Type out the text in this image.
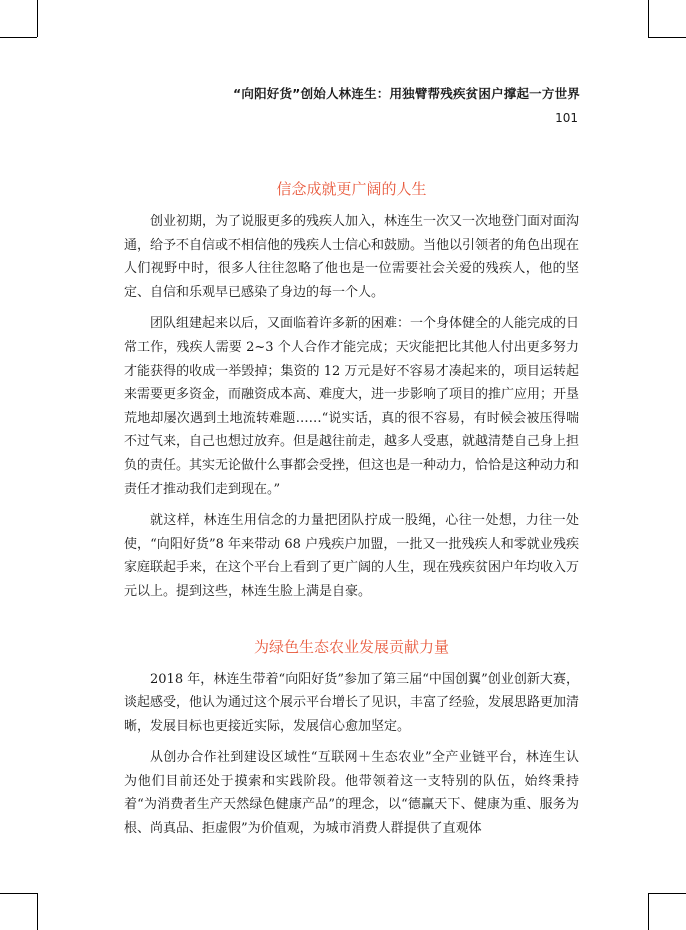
“向阳好货”创始人林连生：用独臂帮残疾贫困户撑起一方世界
101
信念成就更广阔的人生

创业初期，为了说服更多的残疾人加入，林连生一次又一次地登门面对面沟通，给予不自信或不相信他的残疾人士信心和鼓励。当他以引领者的角色出现在人们视野中时，很多人往往忽略了他也是一位需要社会关爱的残疾人，他的坚定、自信和乐观早已感染了身边的每一个人。

团队组建起来以后，又面临着许多新的困难：一个身体健全的人能完成的日常工作，残疾人需要 2~3 个人合作才能完成；天灾能把比其他人付出更多努力才能获得的收成一举毁掉；集资的 12 万元是好不容易才凑起来的，项目运转起来需要更多资金，而融资成本高、难度大，进一步影响了项目的推广应用；开垦荒地却屡次遇到土地流转难题……“说实话，真的很不容易，有时候会被压得喘不过气来，自己也想过放弃。但是越往前走，越多人受惠，就越清楚自己身上担负的责任。其实无论做什么事都会受挫，但这也是一种动力，恰恰是这种动力和责任才推动我们走到现在。”

就这样，林连生用信念的力量把团队拧成一股绳，心往一处想，力往一处使，“向阳好货”8 年来带动 68 户残疾户加盟，一批又一批残疾人和零就业残疾家庭联起手来，在这个平台上看到了更广阔的人生，现在残疾贫困户年均收入万元以上。提到这些，林连生脸上满是自豪。

为绿色生态农业发展贡献力量

2018 年，林连生带着“向阳好货”参加了第三届“中国创翼”创业创新大赛，谈起感受，他认为通过这个展示平台增长了见识，丰富了经验，发展思路更加清晰，发展目标也更接近实际，发展信心愈加坚定。

从创办合作社到建设区域性“互联网＋生态农业”全产业链平台，林连生认为他们目前还处于摸索和实践阶段。他带领着这一支特别的队伍，始终秉持着“为消费者生产天然绿色健康产品”的理念，以“德赢天下、健康为重、服务为根、尚真品、拒虚假”为价值观，为城市消费人群提供了直观体
